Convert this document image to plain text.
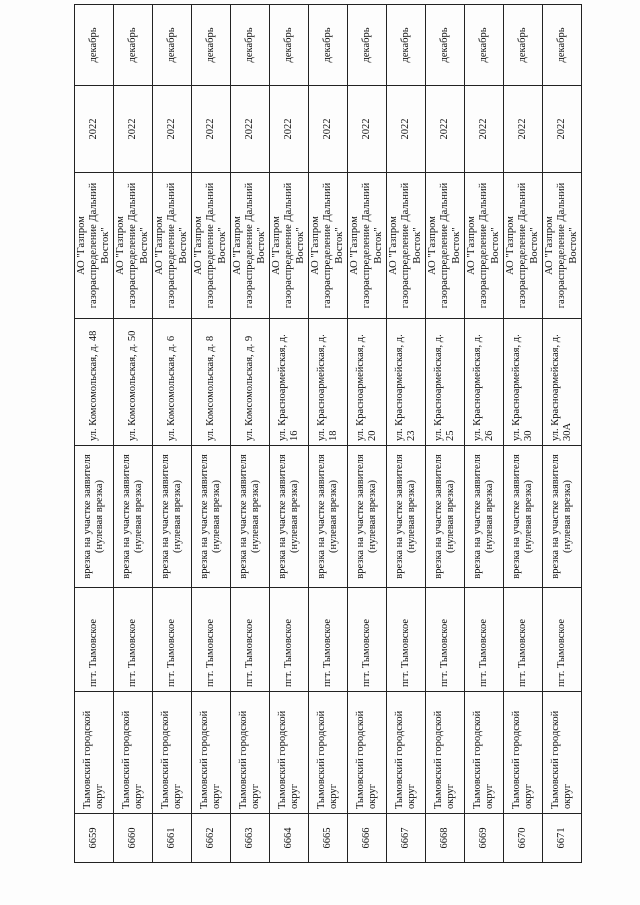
6659	Тымовский городской округ	пгт. Тымовское	врезка на участке заявителя (нулевая врезка)	ул. Комсомольская, д. 48	АО "Газпром газораспределение Дальний Восток"	2022	декабрь
6660	Тымовский городской округ	пгт. Тымовское	врезка на участке заявителя (нулевая врезка)	ул. Комсомольская, д. 50	АО "Газпром газораспределение Дальний Восток"	2022	декабрь
6661	Тымовский городской округ	пгт. Тымовское	врезка на участке заявителя (нулевая врезка)	ул. Комсомольская, д. 6	АО "Газпром газораспределение Дальний Восток"	2022	декабрь
6662	Тымовский городской округ	пгт. Тымовское	врезка на участке заявителя (нулевая врезка)	ул. Комсомольская, д. 8	АО "Газпром газораспределение Дальний Восток"	2022	декабрь
6663	Тымовский городской округ	пгт. Тымовское	врезка на участке заявителя (нулевая врезка)	ул. Комсомольская, д. 9	АО "Газпром газораспределение Дальний Восток"	2022	декабрь
6664	Тымовский городской округ	пгт. Тымовское	врезка на участке заявителя (нулевая врезка)	ул. Красноармейская, д. 16	АО "Газпром газораспределение Дальний Восток"	2022	декабрь
6665	Тымовский городской округ	пгт. Тымовское	врезка на участке заявителя (нулевая врезка)	ул. Красноармейская, д. 18	АО "Газпром газораспределение Дальний Восток"	2022	декабрь
6666	Тымовский городской округ	пгт. Тымовское	врезка на участке заявителя (нулевая врезка)	ул. Красноармейская, д. 20	АО "Газпром газораспределение Дальний Восток"	2022	декабрь
6667	Тымовский городской округ	пгт. Тымовское	врезка на участке заявителя (нулевая врезка)	ул. Красноармейская, д. 23	АО "Газпром газораспределение Дальний Восток"	2022	декабрь
6668	Тымовский городской округ	пгт. Тымовское	врезка на участке заявителя (нулевая врезка)	ул. Красноармейская, д. 25	АО "Газпром газораспределение Дальний Восток"	2022	декабрь
6669	Тымовский городской округ	пгт. Тымовское	врезка на участке заявителя (нулевая врезка)	ул. Красноармейская, д. 26	АО "Газпром газораспределение Дальний Восток"	2022	декабрь
6670	Тымовский городской округ	пгт. Тымовское	врезка на участке заявителя (нулевая врезка)	ул. Красноармейская, д. 30	АО "Газпром газораспределение Дальний Восток"	2022	декабрь
6671	Тымовский городской округ	пгт. Тымовское	врезка на участке заявителя (нулевая врезка)	ул. Красноармейская, д. 30А	АО "Газпром газораспределение Дальний Восток"	2022	декабрь
